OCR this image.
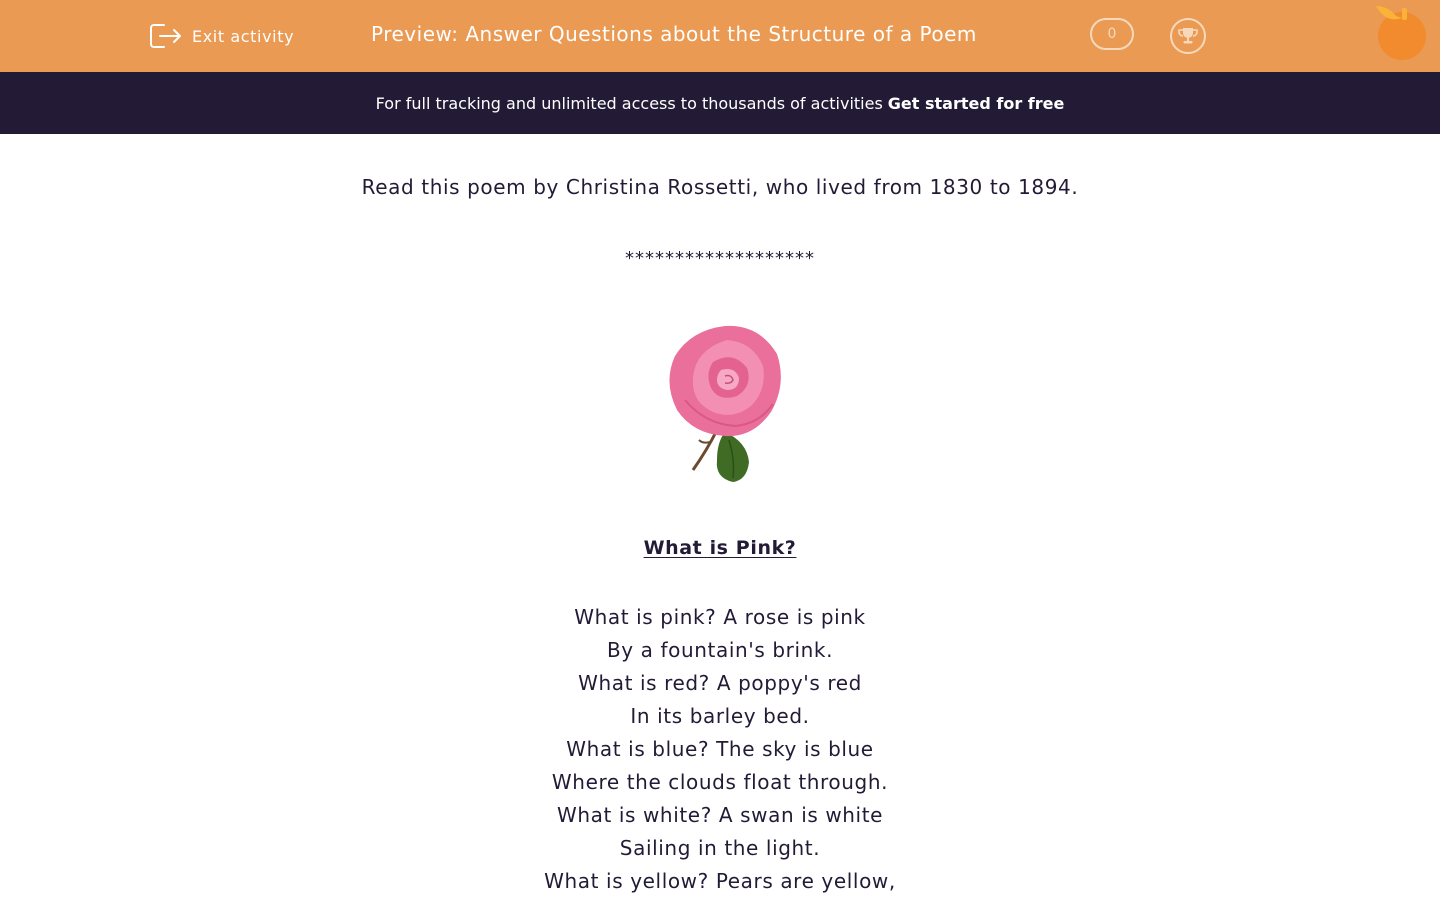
Exit activity	Preview: Answer Questions about the Structure of a Poem	0
For full tracking and unlimited access to thousands of activities Get started for free
Read this poem by Christina Rossetti, who lived from 1830 to 1894.
*******************
What is Pink?
What is pink? A rose is pink
By a fountain's brink.
What is red? A poppy's red
In its barley bed.
What is blue? The sky is blue
Where the clouds float through.
What is white? A swan is white
Sailing in the light.
What is yellow? Pears are yellow,
